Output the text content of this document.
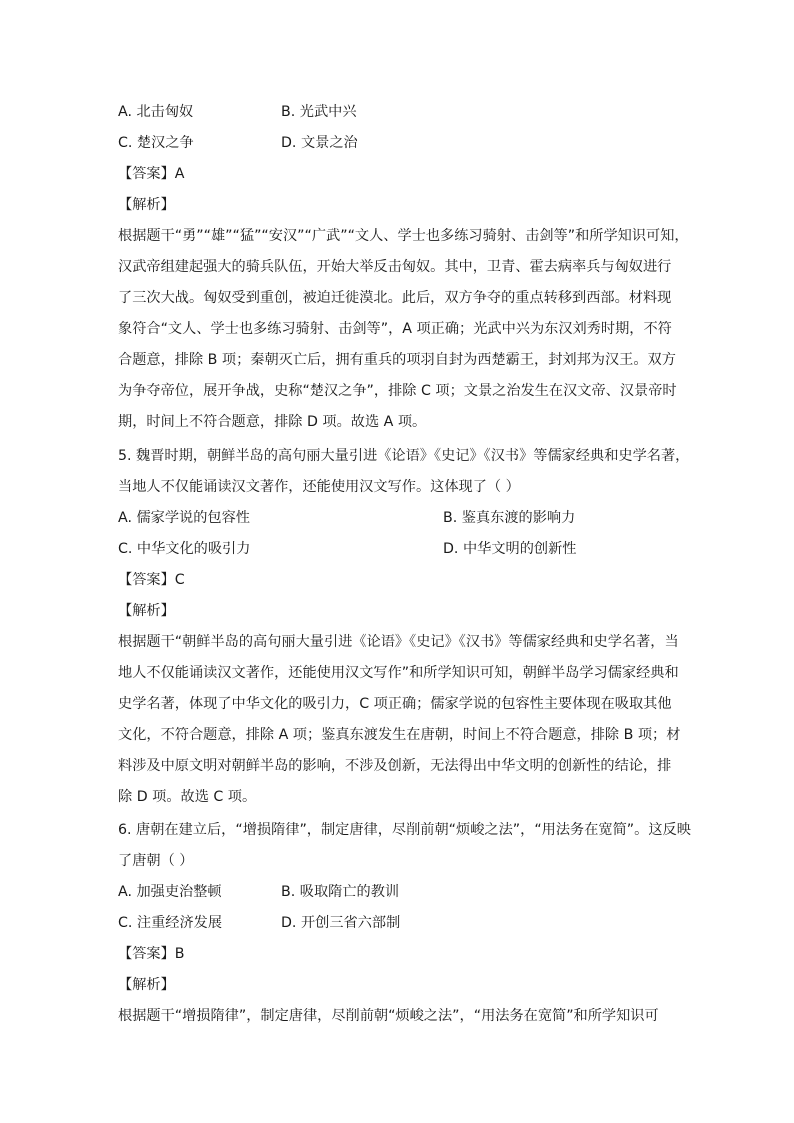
A. 北击匈奴	B. 光武中兴
C. 楚汉之争	D. 文景之治
【答案】A
【解析】
根据题干“勇”“雄”“猛”“安汉”“广武”“文人、学士也多练习骑射、击剑等”和所学知识可知，
汉武帝组建起强大的骑兵队伍，开始大举反击匈奴。其中，卫青、霍去病率兵与匈奴进行
了三次大战。匈奴受到重创，被迫迁徙漠北。此后，双方争夺的重点转移到西部。材料现
象符合“文人、学士也多练习骑射、击剑等”，A 项正确；光武中兴为东汉刘秀时期，不符
合题意，排除 B 项；秦朝灭亡后，拥有重兵的项羽自封为西楚霸王，封刘邦为汉王。双方
为争夺帝位，展开争战，史称“楚汉之争”，排除 C 项；文景之治发生在汉文帝、汉景帝时
期，时间上不符合题意，排除 D 项。故选 A 项。
5. 魏晋时期，朝鲜半岛的高句丽大量引进《论语》《史记》《汉书》等儒家经典和史学名著，
当地人不仅能诵读汉文著作，还能使用汉文写作。这体现了（ ）
A. 儒家学说的包容性	B. 鉴真东渡的影响力
C. 中华文化的吸引力	D. 中华文明的创新性
【答案】C
【解析】
根据题干“朝鲜半岛的高句丽大量引进《论语》《史记》《汉书》等儒家经典和史学名著，当
地人不仅能诵读汉文著作，还能使用汉文写作”和所学知识可知，朝鲜半岛学习儒家经典和
史学名著，体现了中华文化的吸引力，C 项正确；儒家学说的包容性主要体现在吸取其他
文化，不符合题意，排除 A 项；鉴真东渡发生在唐朝，时间上不符合题意，排除 B 项；材
料涉及中原文明对朝鲜半岛的影响，不涉及创新，无法得出中华文明的创新性的结论，排
除 D 项。故选 C 项。
6. 唐朝在建立后，“增损隋律”，制定唐律，尽削前朝“烦峻之法”，“用法务在宽简”。这反映
了唐朝（ ）
A. 加强吏治整顿	B. 吸取隋亡的教训
C. 注重经济发展	D. 开创三省六部制
【答案】B
【解析】
根据题干“增损隋律”，制定唐律，尽削前朝“烦峻之法”，“用法务在宽简”和所学知识可
